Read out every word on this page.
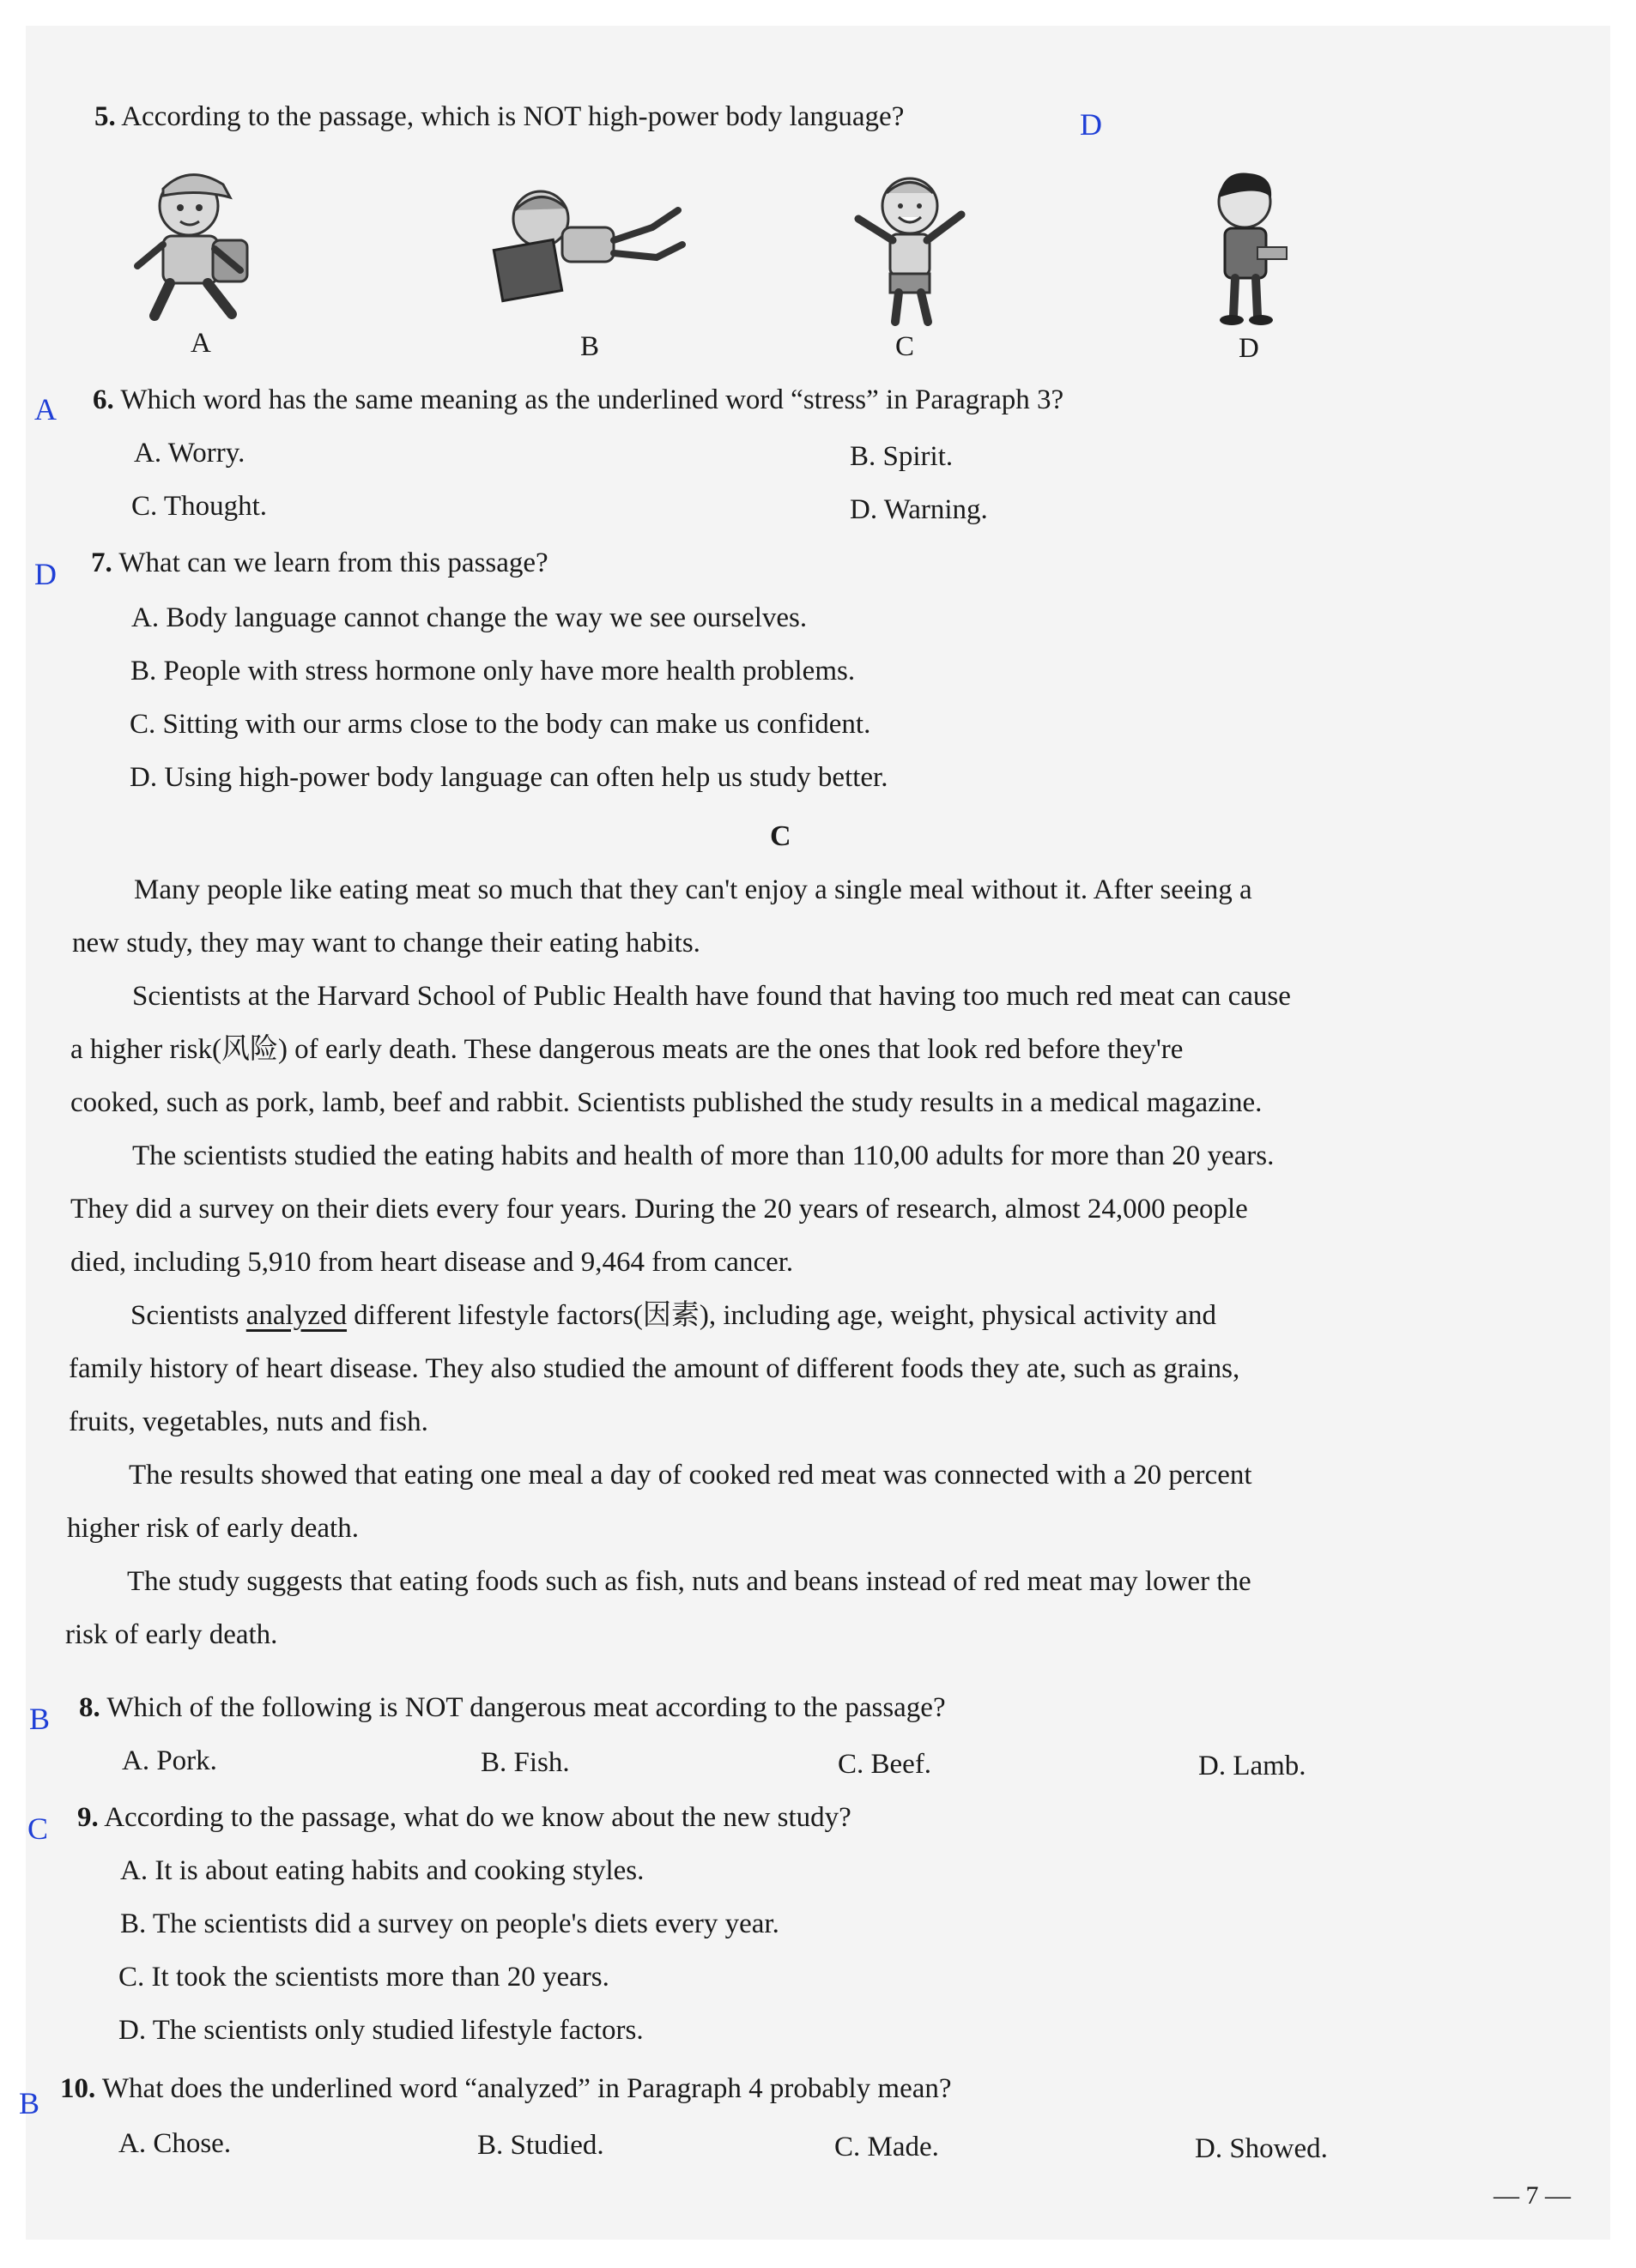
5. According to the passage, which is NOT high-power body language?	D
A	B	C	D
A 6. Which word has the same meaning as the underlined word “stress” in Paragraph 3?
A. Worry.	B. Spirit.
C. Thought.	D. Warning.
D 7. What can we learn from this passage?
A. Body language cannot change the way we see ourselves.
B. People with stress hormone only have more health problems.
C. Sitting with our arms close to the body can make us confident.
D. Using high-power body language can often help us study better.
C
Many people like eating meat so much that they can't enjoy a single meal without it. After seeing a
new study, they may want to change their eating habits.
Scientists at the Harvard School of Public Health have found that having too much red meat can cause
a higher risk(风险) of early death. These dangerous meats are the ones that look red before they're
cooked, such as pork, lamb, beef and rabbit. Scientists published the study results in a medical magazine.
The scientists studied the eating habits and health of more than 110,00 adults for more than 20 years.
They did a survey on their diets every four years. During the 20 years of research, almost 24,000 people
died, including 5,910 from heart disease and 9,464 from cancer.
Scientists analyzed different lifestyle factors(因素), including age, weight, physical activity and
family history of heart disease. They also studied the amount of different foods they ate, such as grains,
fruits, vegetables, nuts and fish.
The results showed that eating one meal a day of cooked red meat was connected with a 20 percent
higher risk of early death.
The study suggests that eating foods such as fish, nuts and beans instead of red meat may lower the
risk of early death.
B 8. Which of the following is NOT dangerous meat according to the passage?
A. Pork.	B. Fish.	C. Beef.	D. Lamb.
C 9. According to the passage, what do we know about the new study?
A. It is about eating habits and cooking styles.
B. The scientists did a survey on people's diets every year.
C. It took the scientists more than 20 years.
D. The scientists only studied lifestyle factors.
B 10. What does the underlined word “analyzed” in Paragraph 4 probably mean?
A. Chose.	B. Studied.	C. Made.	D. Showed.
— 7 —
